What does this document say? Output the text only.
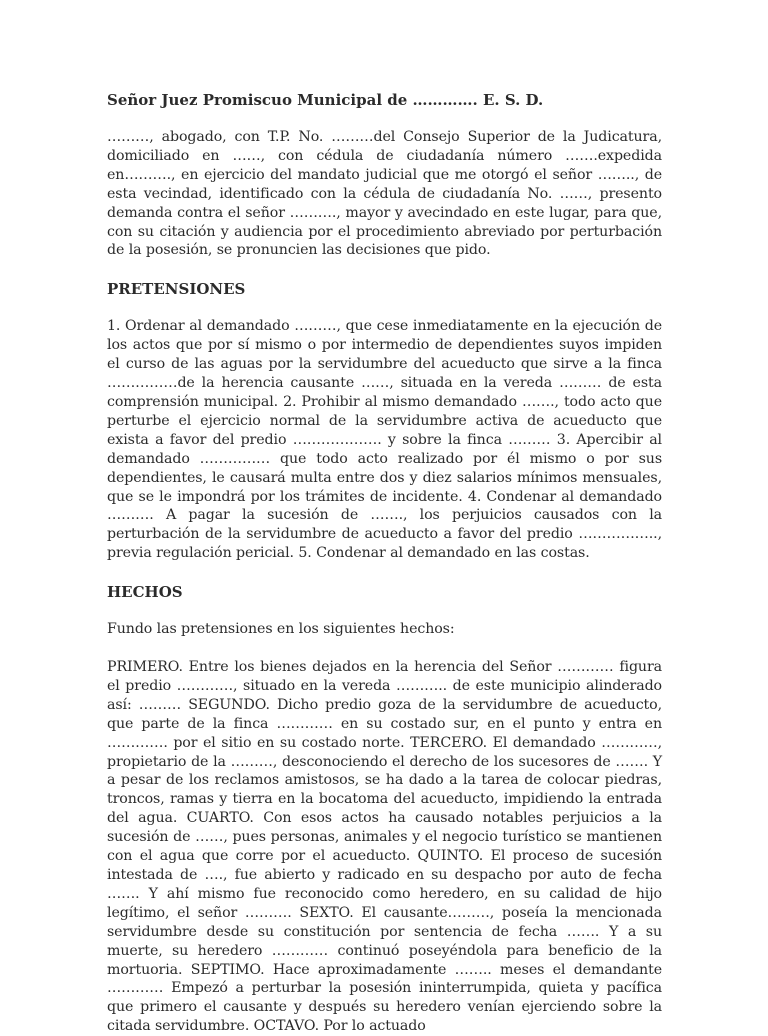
Señor Juez Promiscuo Municipal de …………. E. S. D.

………, abogado, con T.P. No. ………del Consejo Superior de la Judicatura, domiciliado en ……, con cédula de ciudadanía número …….expedida en………., en ejercicio del mandato judicial que me otorgó el señor …….., de esta vecindad, identificado con la cédula de ciudadanía No. ……, presento demanda contra el señor ………., mayor y avecindado en este lugar, para que, con su citación y audiencia por el procedimiento abreviado por perturbación de la posesión, se pronuncien las decisiones que pido.

PRETENSIONES

1. Ordenar al demandado ………, que cese inmediatamente en la ejecución de los actos que por sí mismo o por intermedio de dependientes suyos impiden el curso de las aguas por la servidumbre del acueducto que sirve a la finca ……………de la herencia causante ……, situada en la vereda ……… de esta comprensión municipal. 2. Prohibir al mismo demandado ……., todo acto que perturbe el ejercicio normal de la servidumbre activa de acueducto que exista a favor del predio ………………. y sobre la finca ……… 3. Apercibir al demandado …………… que todo acto realizado por él mismo o por sus dependientes, le causará multa entre dos y diez salarios mínimos mensuales, que se le impondrá por los trámites de incidente. 4. Condenar al demandado ………. A pagar la sucesión de ……., los perjuicios causados con la perturbación de la servidumbre de acueducto a favor del predio …………….., previa regulación pericial. 5. Condenar al demandado en las costas.

HECHOS

Fundo las pretensiones en los siguientes hechos:

PRIMERO. Entre los bienes dejados en la herencia del Señor ………… figura el predio …………, situado en la vereda ……….. de este municipio alinderado así: ……… SEGUNDO. Dicho predio goza de la servidumbre de acueducto, que parte de la finca ………… en su costado sur, en el punto y entra en …………. por el sitio en su costado norte. TERCERO. El demandado …………, propietario de la ………, desconociendo el derecho de los sucesores de ……. Y a pesar de los reclamos amistosos, se ha dado a la tarea de colocar piedras, troncos, ramas y tierra en la bocatoma del acueducto, impidiendo la entrada del agua. CUARTO. Con esos actos ha causado notables perjuicios a la sucesión de ……, pues personas, animales y el negocio turístico se mantienen con el agua que corre por el acueducto. QUINTO. El proceso de sucesión intestada de …., fue abierto y radicado en su despacho por auto de fecha ……. Y ahí mismo fue reconocido como heredero, en su calidad de hijo legítimo, el señor ………. SEXTO. El causante………, poseía la mencionada servidumbre desde su constitución por sentencia de fecha ……. Y a su muerte, su heredero ………… continuó poseyéndola para beneficio de la mortuoria. SEPTIMO. Hace aproximadamente …….. meses el demandante ………… Empezó a perturbar la posesión ininterrumpida, quieta y pacífica que primero el causante y después su heredero venían ejerciendo sobre la citada servidumbre. OCTAVO. Por lo actuado
